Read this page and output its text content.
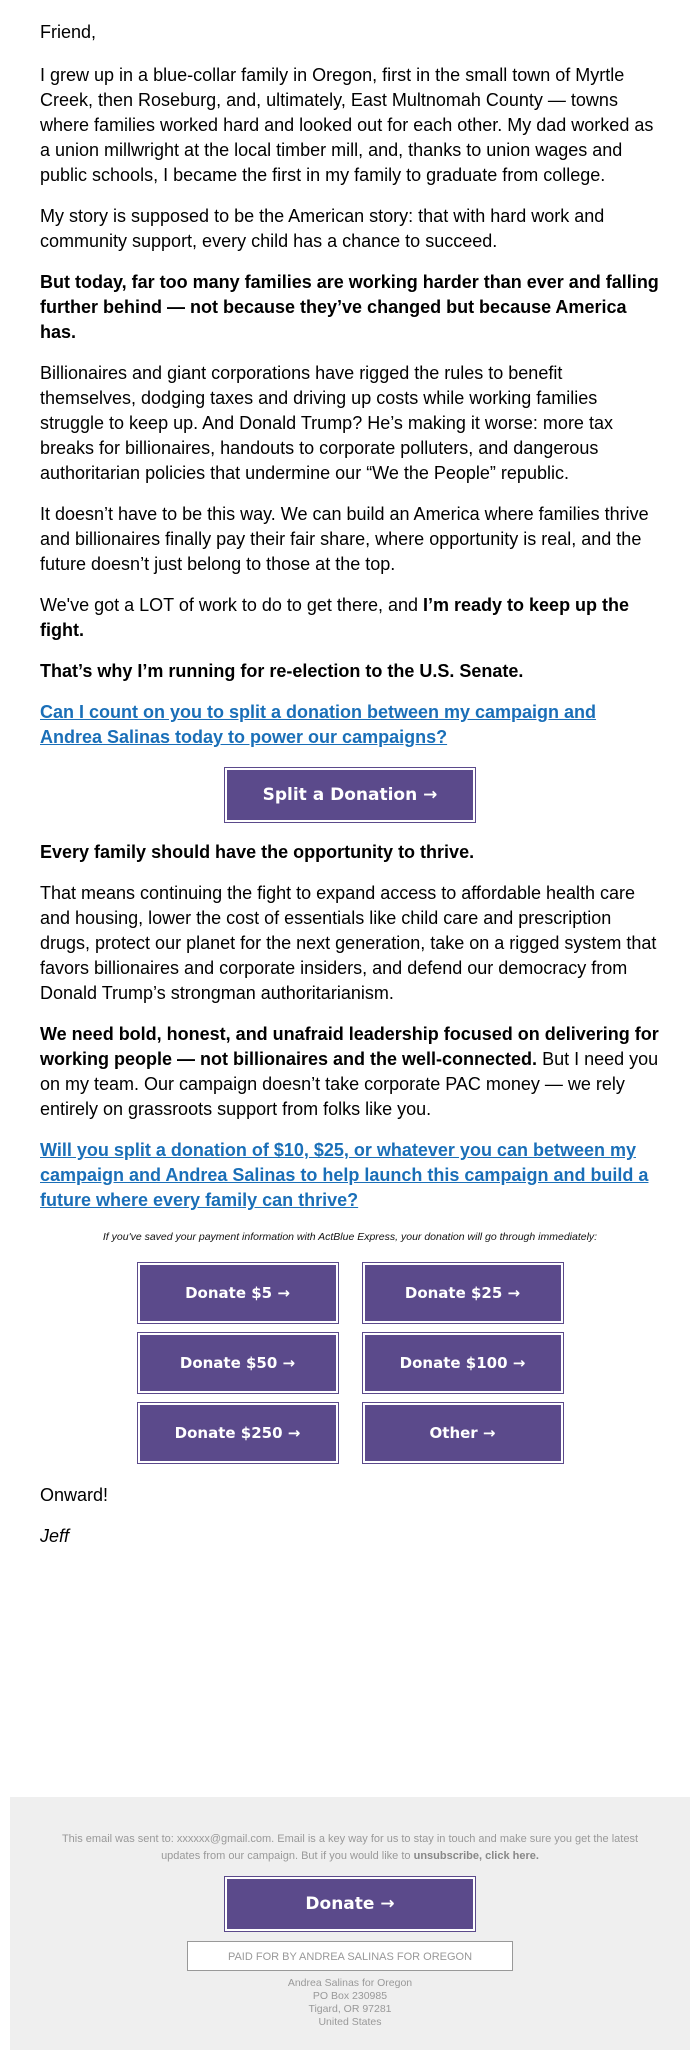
Friend,

I grew up in a blue-collar family in Oregon, first in the small town of Myrtle Creek, then Roseburg, and, ultimately, East Multnomah County — towns where families worked hard and looked out for each other. My dad worked as a union millwright at the local timber mill, and, thanks to union wages and public schools, I became the first in my family to graduate from college.

My story is supposed to be the American story: that with hard work and community support, every child has a chance to succeed.

But today, far too many families are working harder than ever and falling further behind — not because they’ve changed but because America has.

Billionaires and giant corporations have rigged the rules to benefit themselves, dodging taxes and driving up costs while working families struggle to keep up. And Donald Trump? He’s making it worse: more tax breaks for billionaires, handouts to corporate polluters, and dangerous authoritarian policies that undermine our “We the People” republic.

It doesn’t have to be this way. We can build an America where families thrive and billionaires finally pay their fair share, where opportunity is real, and the future doesn’t just belong to those at the top.

We've got a LOT of work to do to get there, and I’m ready to keep up the fight.

That’s why I’m running for re-election to the U.S. Senate.

Can I count on you to split a donation between my campaign and Andrea Salinas today to power our campaigns?
Split a Donation →

Every family should have the opportunity to thrive.

That means continuing the fight to expand access to affordable health care and housing, lower the cost of essentials like child care and prescription drugs, protect our planet for the next generation, take on a rigged system that favors billionaires and corporate insiders, and defend our democracy from Donald Trump’s strongman authoritarianism.

We need bold, honest, and unafraid leadership focused on delivering for working people — not billionaires and the well-connected. But I need you on my team. Our campaign doesn’t take corporate PAC money — we rely entirely on grassroots support from folks like you.

Will you split a donation of $10, $25, or whatever you can between my campaign and Andrea Salinas to help launch this campaign and build a future where every family can thrive?

If you've saved your payment information with ActBlue Express, your donation will go through immediately:

Donate $5 →	Donate $25 →
Donate $50 →	Donate $100 →
Donate $250 →	Other →

Onward!

Jeff

This email was sent to: xxxxxx@gmail.com. Email is a key way for us to stay in touch and make sure you get the latest updates from our campaign. But if you would like to unsubscribe, click here.

Donate →
PAID FOR BY ANDREA SALINAS FOR OREGON
Andrea Salinas for Oregon
PO Box 230985
Tigard, OR 97281
United States
